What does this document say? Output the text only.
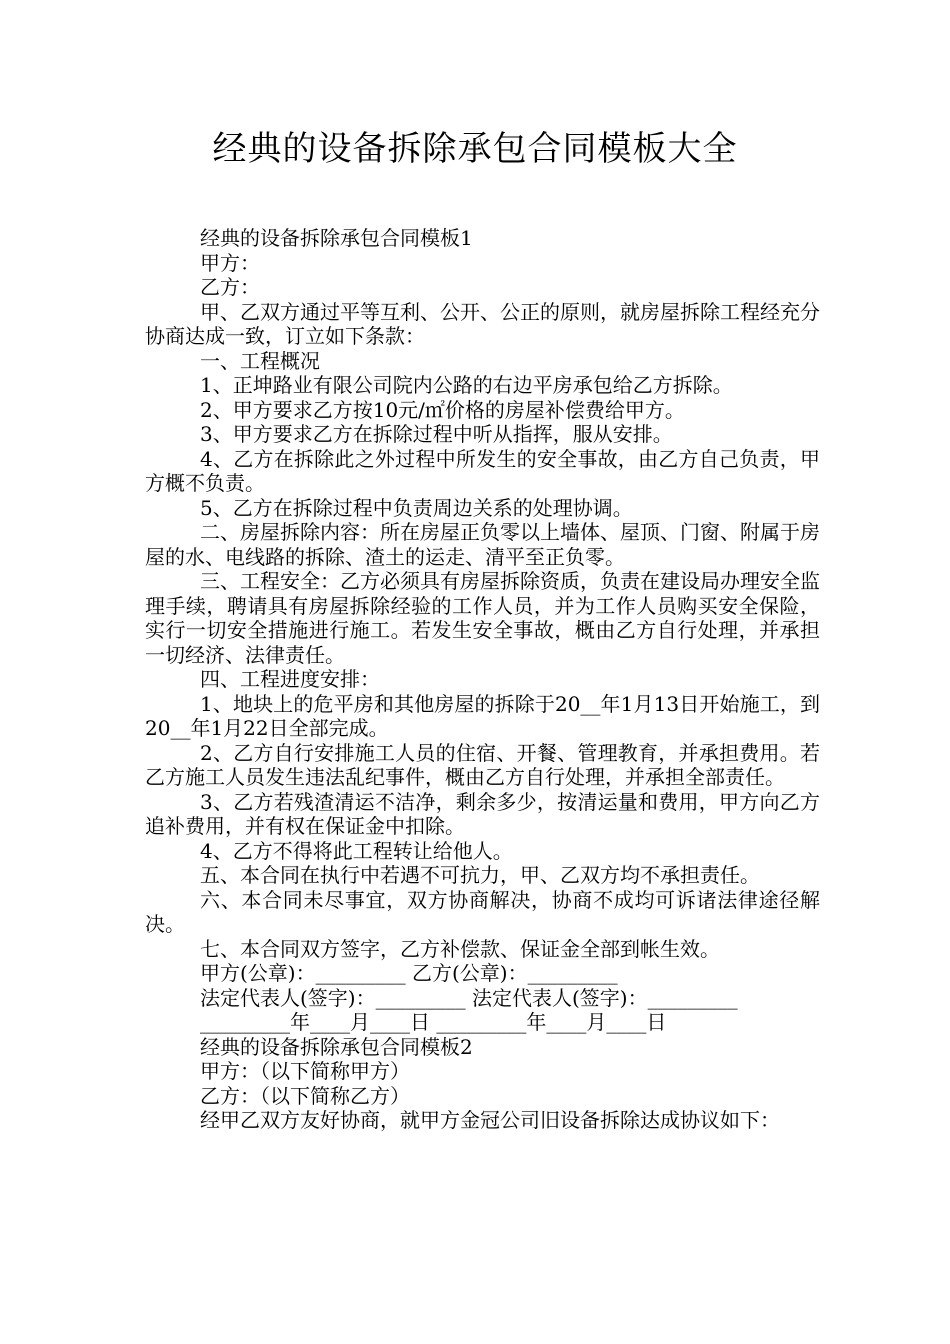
经典的设备拆除承包合同模板大全

经典的设备拆除承包合同模板1

甲方：

乙方：

甲、乙双方通过平等互利、公开、公正的原则，就房屋拆除工程经充分协商达成一致，订立如下条款：

一、工程概况

1、正坤路业有限公司院内公路的右边平房承包给乙方拆除。

2、甲方要求乙方按10元/㎡价格的房屋补偿费给甲方。

3、甲方要求乙方在拆除过程中听从指挥，服从安排。

4、乙方在拆除此之外过程中所发生的安全事故，由乙方自己负责，甲方概不负责。

5、乙方在拆除过程中负责周边关系的处理协调。

二、房屋拆除内容：所在房屋正负零以上墙体、屋顶、门窗、附属于房屋的水、电线路的拆除、渣土的运走、清平至正负零。

三、工程安全：乙方必须具有房屋拆除资质，负责在建设局办理安全监理手续，聘请具有房屋拆除经验的工作人员，并为工作人员购买安全保险，实行一切安全措施进行施工。若发生安全事故，概由乙方自行处理，并承担一切经济、法律责任。

四、工程进度安排：

1、地块上的危平房和其他房屋的拆除于20__年1月13日开始施工，到20__年1月22日全部完成。

2、乙方自行安排施工人员的住宿、开餐、管理教育，并承担费用。若乙方施工人员发生违法乱纪事件，概由乙方自行处理，并承担全部责任。

3、乙方若残渣清运不洁净，剩余多少，按清运量和费用，甲方向乙方追补费用，并有权在保证金中扣除。

4、乙方不得将此工程转让给他人。

五、本合同在执行中若遇不可抗力，甲、乙双方均不承担责任。

六、本合同未尽事宜，双方协商解决，协商不成均可诉诸法律途径解决。

七、本合同双方签字，乙方补偿款、保证金全部到帐生效。

甲方(公章)：_________ 乙方(公章)：_________

法定代表人(签字)：_________ 法定代表人(签字)：_________

_________年____月____日 _________年____月____日

经典的设备拆除承包合同模板2

甲方：（以下简称甲方）

乙方：（以下简称乙方）

经甲乙双方友好协商，就甲方金冠公司旧设备拆除达成协议如下：
